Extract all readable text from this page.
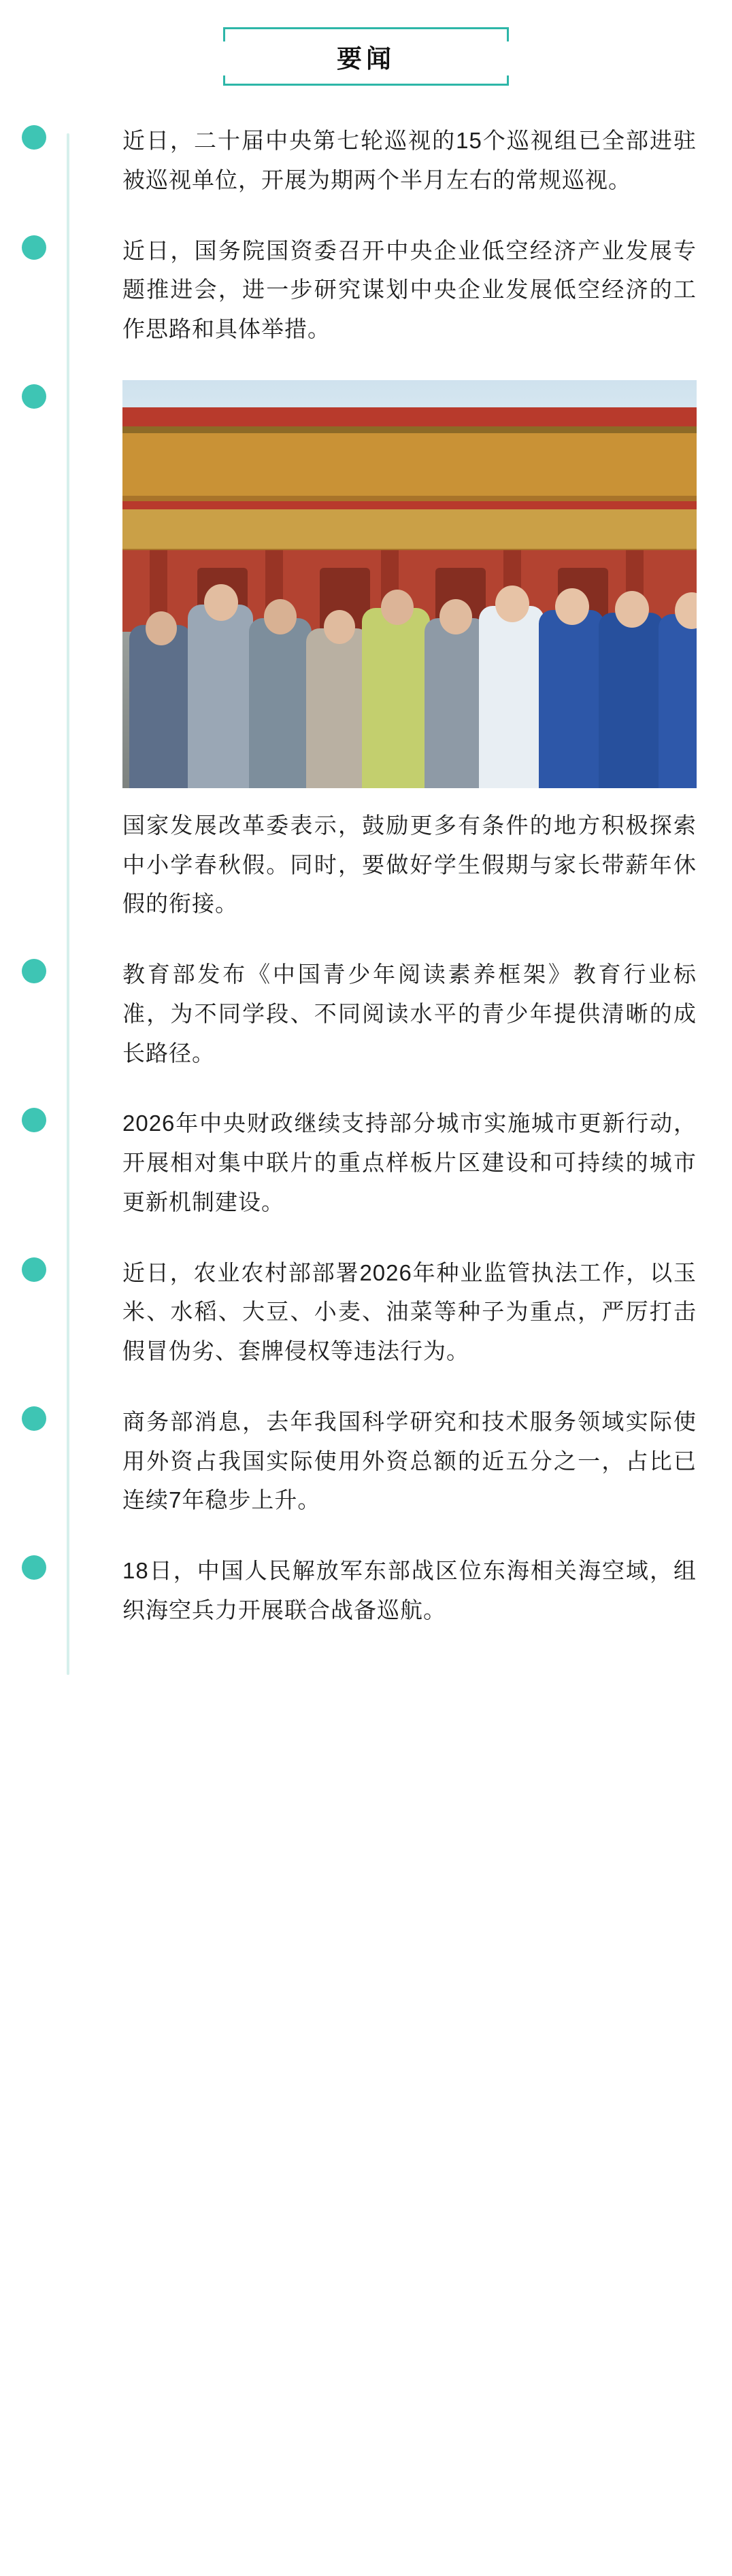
要闻

近日，二十届中央第七轮巡视的15个巡视组已全部进驻被巡视单位，开展为期两个半月左右的常规巡视。

近日，国务院国资委召开中央企业低空经济产业发展专题推进会，进一步研究谋划中央企业发展低空经济的工作思路和具体举措。

国家发展改革委表示，鼓励更多有条件的地方积极探索中小学春秋假。同时，要做好学生假期与家长带薪年休假的衔接。

教育部发布《中国青少年阅读素养框架》教育行业标准，为不同学段、不同阅读水平的青少年提供清晰的成长路径。

2026年中央财政继续支持部分城市实施城市更新行动，开展相对集中联片的重点样板片区建设和可持续的城市更新机制建设。

近日，农业农村部部署2026年种业监管执法工作，以玉米、水稻、大豆、小麦、油菜等种子为重点，严厉打击假冒伪劣、套牌侵权等违法行为。

商务部消息，去年我国科学研究和技术服务领域实际使用外资占我国实际使用外资总额的近五分之一，占比已连续7年稳步上升。

18日，中国人民解放军东部战区位东海相关海空域，组织海空兵力开展联合战备巡航。
